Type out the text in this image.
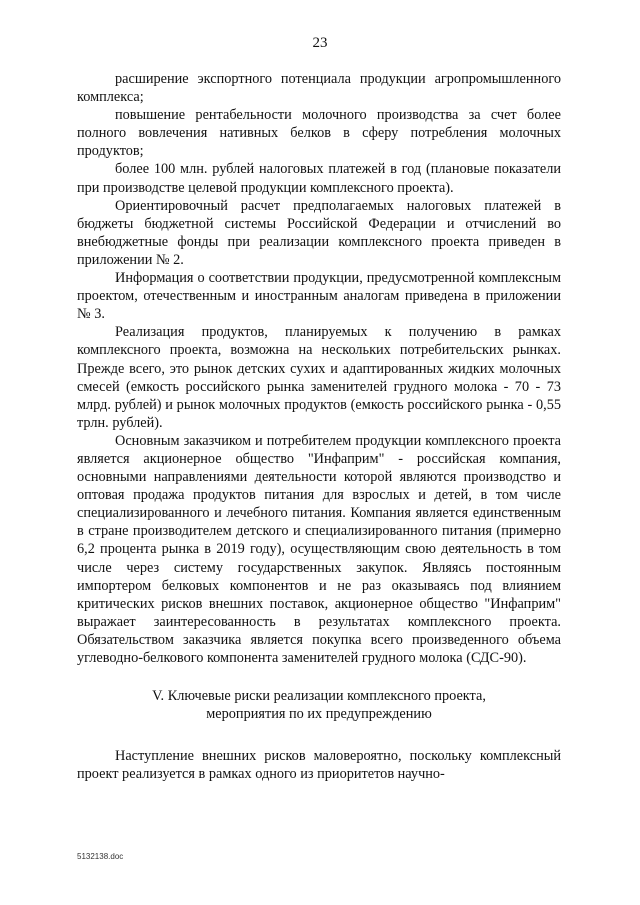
23

расширение экспортного потенциала продукции агропромышленного комплекса;

повышение рентабельности молочного производства за счет более полного вовлечения нативных белков в сферу потребления молочных продуктов;

более 100 млн. рублей налоговых платежей в год (плановые показатели при производстве целевой продукции комплексного проекта).

Ориентировочный расчет предполагаемых налоговых платежей в бюджеты бюджетной системы Российской Федерации и отчислений во внебюджетные фонды при реализации комплексного проекта приведен в приложении № 2.

Информация о соответствии продукции, предусмотренной комплексным проектом, отечественным и иностранным аналогам приведена в приложении № 3.

Реализация продуктов, планируемых к получению в рамках комплексного проекта, возможна на нескольких потребительских рынках. Прежде всего, это рынок детских сухих и адаптированных жидких молочных смесей (емкость российского рынка заменителей грудного молока - 70 - 73 млрд. рублей) и рынок молочных продуктов (емкость российского рынка - 0,55 трлн. рублей).

Основным заказчиком и потребителем продукции комплексного проекта является акционерное общество "Инфаприм" - российская компания, основными направлениями деятельности которой являются производство и оптовая продажа продуктов питания для взрослых и детей, в том числе специализированного и лечебного питания. Компания является единственным в стране производителем детского и специализированного питания (примерно 6,2 процента рынка в 2019 году), осуществляющим свою деятельность в том числе через систему государственных закупок. Являясь постоянным импортером белковых компонентов и не раз оказываясь под влиянием критических рисков внешних поставок, акционерное общество "Инфаприм" выражает заинтересованность в результатах комплексного проекта. Обязательством заказчика является покупка всего произведенного объема углеводно-белкового компонента заменителей грудного молока (СДС-90).

V. Ключевые риски реализации комплексного проекта,
мероприятия по их предупреждению

Наступление внешних рисков маловероятно, поскольку комплексный проект реализуется в рамках одного из приоритетов научно-

5132138.doc
